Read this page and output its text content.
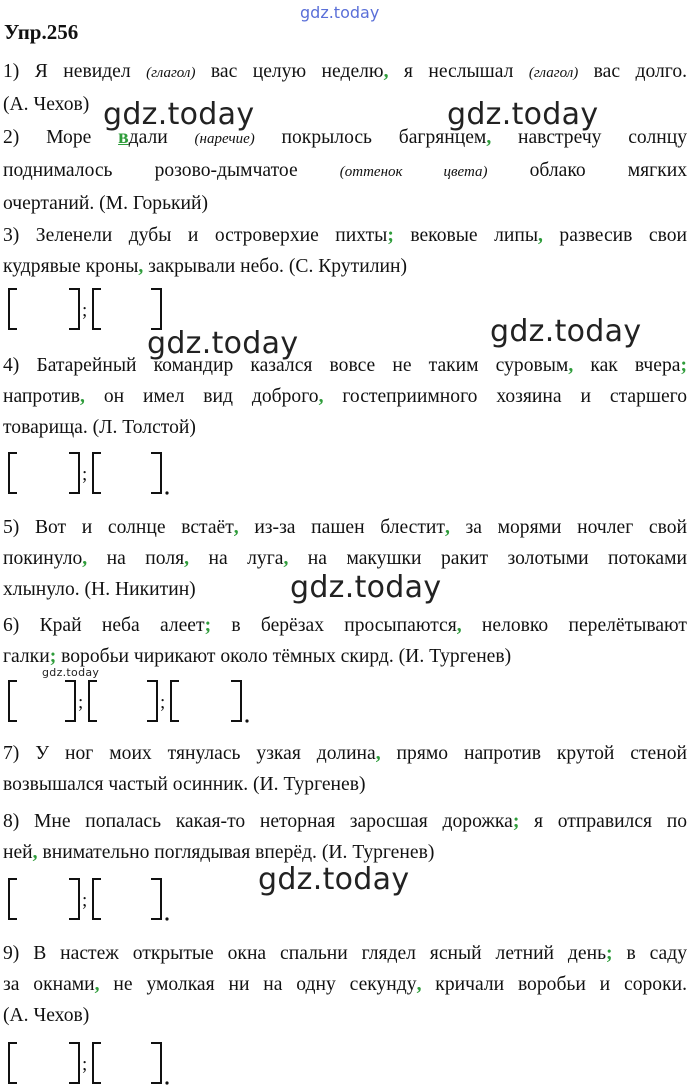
gdz.today
Упр.256
1) Я невидел (глагол) вас целую неделю, я неслышал (глагол) вас долго.
(А. Чехов)
2) Море вдали (наречие) покрылось багрянцем, навстречу солнцу
поднималось розово-дымчатое (оттенок цвета) облако мягких
очертаний. (М. Горький)
3) Зеленели дубы и островерхие пихты; вековые липы, развесив свои
кудрявые кроны, закрывали небо. (С. Крутилин)
;
4) Батарейный командир казался вовсе не таким суровым, как вчера;
напротив, он имел вид доброго, гостеприимного хозяина и старшего
товарища. (Л. Толстой)
;
5) Вот и солнце встаёт, из-за пашен блестит, за морями ночлег свой
покинуло, на поля, на луга, на макушки ракит золотыми потоками
хлынуло. (Н. Никитин)
6) Край неба алеет; в берёзах просыпаются, неловко перелётывают
галки; воробьи чирикают около тёмных скирд. (И. Тургенев)
;	;
7) У ног моих тянулась узкая долина, прямо напротив крутой стеной
возвышался частый осинник. (И. Тургенев)
8) Мне попалась какая-то неторная заросшая дорожка; я отправился по
ней, внимательно поглядывая вперёд. (И. Тургенев)
;
9) В настеж открытые окна спальни глядел ясный летний день; в саду
за окнами, не умолкая ни на одну секунду, кричали воробьи и сороки.
(А. Чехов)
;
gdz.today	gdz.today
gdz.today	gdz.today
gdz.today
gdz.today
gdz.today
